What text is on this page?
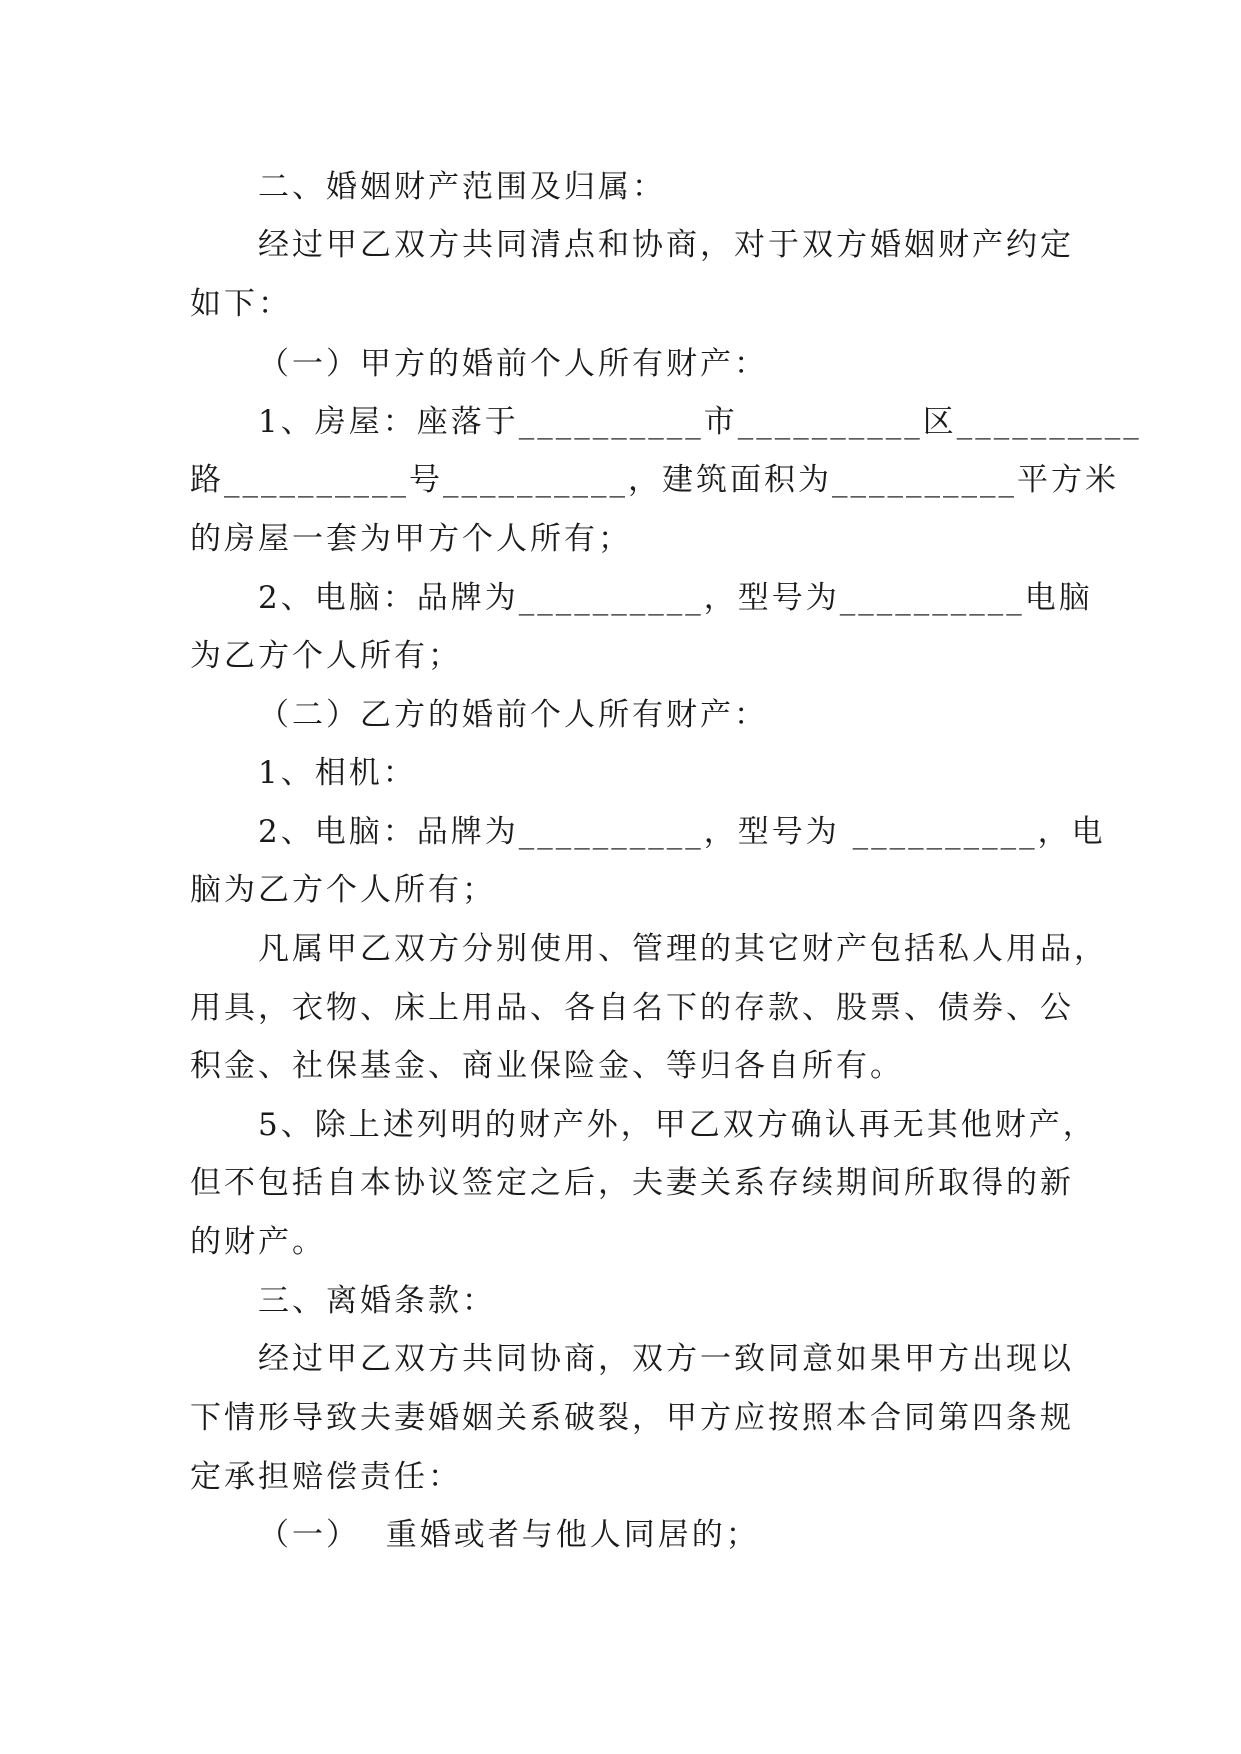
二、婚姻财产范围及归属：
经过甲乙双方共同清点和协商，对于双方婚姻财产约定
如下：
（一）甲方的婚前个人所有财产：
1、房屋：座落于__________市__________区__________
路__________号__________，建筑面积为__________平方米
的房屋一套为甲方个人所有；
2、电脑：品牌为__________，型号为__________电脑
为乙方个人所有；
（二）乙方的婚前个人所有财产：
1、相机：
2、电脑：品牌为__________，型号为 __________，电
脑为乙方个人所有；
凡属甲乙双方分别使用、管理的其它财产包括私人用品，
用具，衣物、床上用品、各自名下的存款、股票、债券、公
积金、社保基金、商业保险金、等归各自所有。
5、除上述列明的财产外，甲乙双方确认再无其他财产，
但不包括自本协议签定之后，夫妻关系存续期间所取得的新
的财产。
三、离婚条款：
经过甲乙双方共同协商，双方一致同意如果甲方出现以
下情形导致夫妻婚姻关系破裂，甲方应按照本合同第四条规
定承担赔偿责任：
（一）  重婚或者与他人同居的；
